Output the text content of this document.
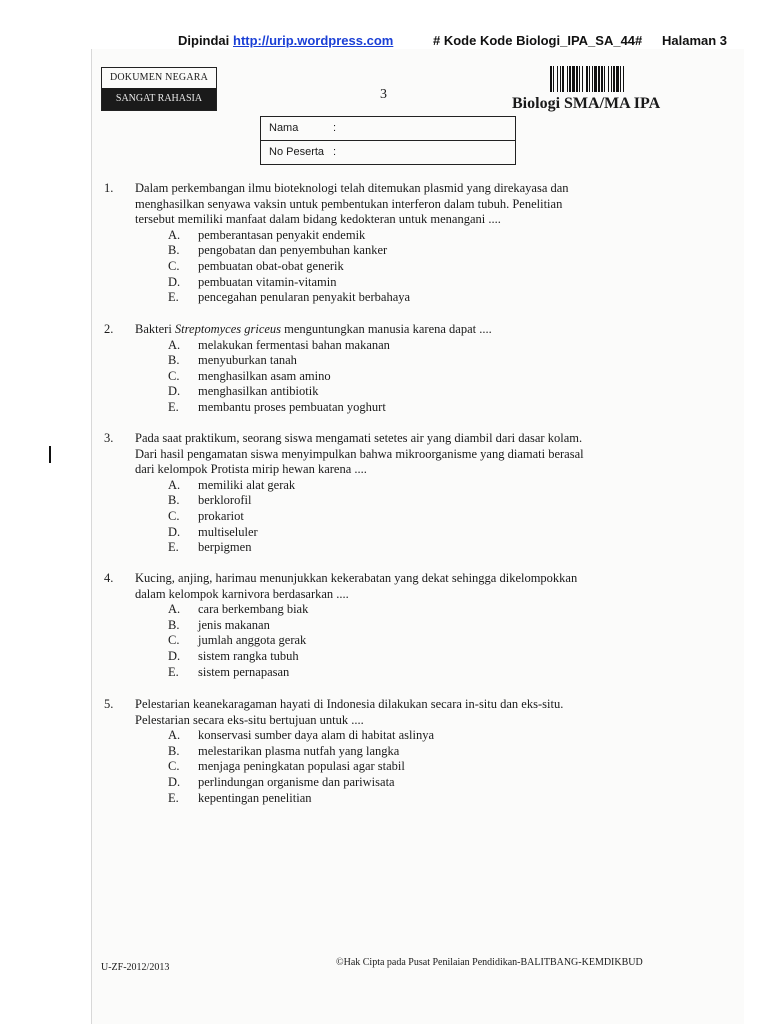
Dipindai http://urip.wordpress.com	# Kode Kode Biologi_IPA_SA_44# Halaman 3
DOKUMEN NEGARA
SANGAT RAHASIA	3
Biologi SMA/MA IPA
Nama	:
No Peserta :
1.	Dalam perkembangan ilmu bioteknologi telah ditemukan plasmid yang direkayasa dan
menghasilkan senyawa vaksin untuk pembentukan interferon dalam tubuh. Penelitian
tersebut memiliki manfaat dalam bidang kedokteran untuk menangani ....
A. pemberantasan penyakit endemik
B. pengobatan dan penyembuhan kanker
C. pembuatan obat-obat generik
D. pembuatan vitamin-vitamin
E. pencegahan penularan penyakit berbahaya
2.	Bakteri Streptomyces griceus menguntungkan manusia karena dapat ....
A. melakukan fermentasi bahan makanan
B. menyuburkan tanah
C. menghasilkan asam amino
D. menghasilkan antibiotik
E. membantu proses pembuatan yoghurt
3.	Pada saat praktikum, seorang siswa mengamati setetes air yang diambil dari dasar kolam.
Dari hasil pengamatan siswa menyimpulkan bahwa mikroorganisme yang diamati berasal
dari kelompok Protista mirip hewan karena ....
A. memiliki alat gerak
B. berklorofil
C. prokariot
D. multiseluler
E. berpigmen
4.	Kucing, anjing, harimau menunjukkan kekerabatan yang dekat sehingga dikelompokkan
dalam kelompok karnivora berdasarkan ....
A. cara berkembang biak
B. jenis makanan
C. jumlah anggota gerak
D. sistem rangka tubuh
E. sistem pernapasan
5.	Pelestarian keanekaragaman hayati di Indonesia dilakukan secara in-situ dan eks-situ.
Pelestarian secara eks-situ bertujuan untuk ....
A. konservasi sumber daya alam di habitat aslinya
B. melestarikan plasma nutfah yang langka
C. menjaga peningkatan populasi agar stabil
D. perlindungan organisme dan pariwisata
E. kepentingan penelitian
U-ZF-2012/2013	©Hak Cipta pada Pusat Penilaian Pendidikan-BALITBANG-KEMDIKBUD
